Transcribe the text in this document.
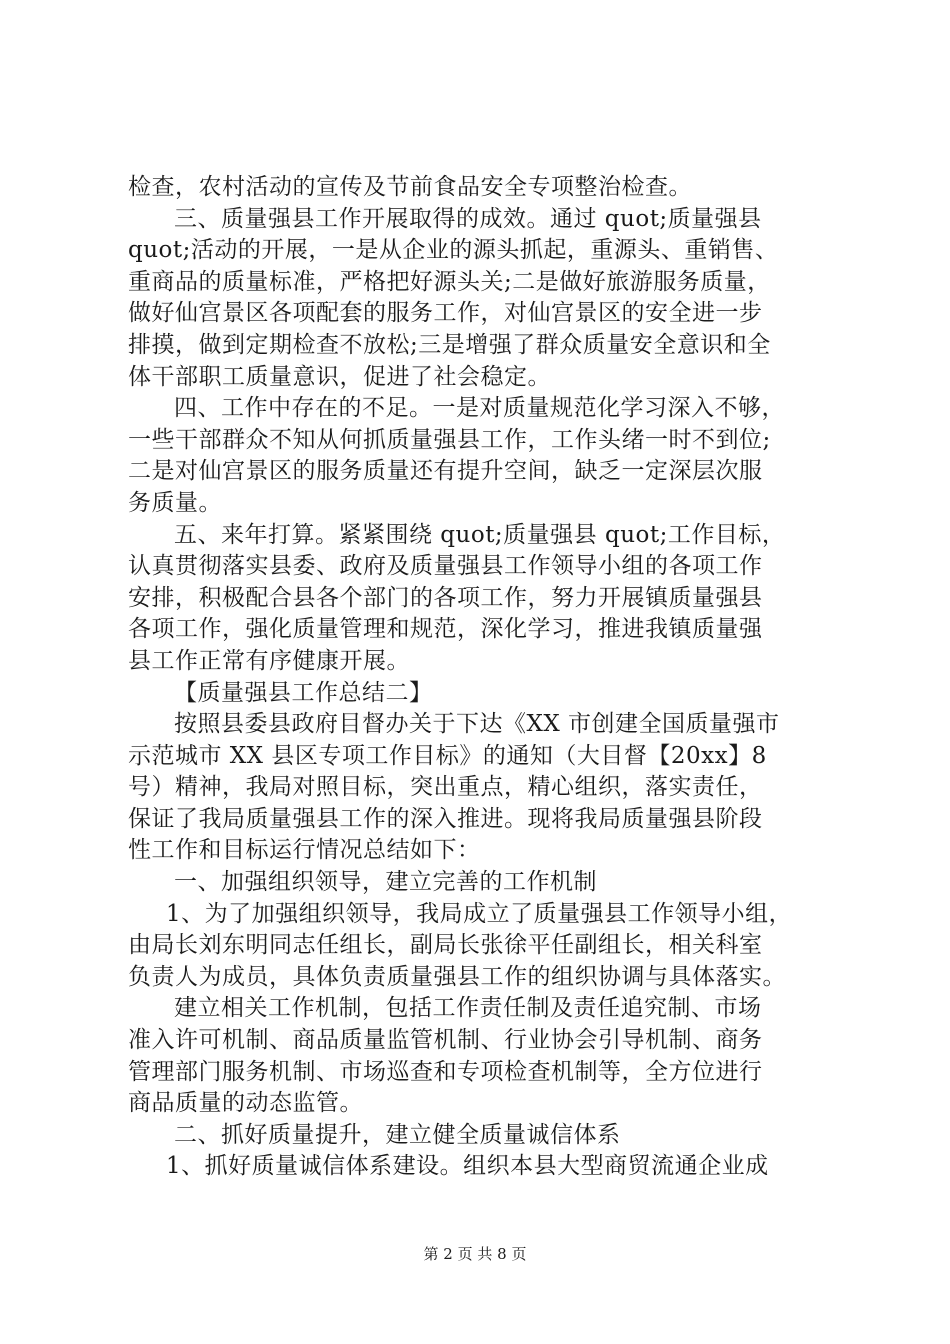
检查，农村活动的宣传及节前食品安全专项整治检查。
三、质量强县工作开展取得的成效。通过 quot;质量强县
quot;活动的开展，一是从企业的源头抓起，重源头、重销售、
重商品的质量标准，严格把好源头关;二是做好旅游服务质量，
做好仙宫景区各项配套的服务工作，对仙宫景区的安全进一步
排摸，做到定期检查不放松;三是增强了群众质量安全意识和全
体干部职工质量意识，促进了社会稳定。
四、工作中存在的不足。一是对质量规范化学习深入不够，
一些干部群众不知从何抓质量强县工作，工作头绪一时不到位;
二是对仙宫景区的服务质量还有提升空间，缺乏一定深层次服
务质量。
五、来年打算。紧紧围绕 quot;质量强县 quot;工作目标，
认真贯彻落实县委、政府及质量强县工作领导小组的各项工作
安排，积极配合县各个部门的各项工作，努力开展镇质量强县
各项工作，强化质量管理和规范，深化学习，推进我镇质量强
县工作正常有序健康开展。
【质量强县工作总结二】
按照县委县政府目督办关于下达《XX 市创建全国质量强市
示范城市 XX 县区专项工作目标》的通知（大目督【20xx】8
号）精神，我局对照目标，突出重点，精心组织，落实责任，
保证了我局质量强县工作的深入推进。现将我局质量强县阶段
性工作和目标运行情况总结如下：
一、加强组织领导，建立完善的工作机制
1、为了加强组织领导，我局成立了质量强县工作领导小组，
由局长刘东明同志任组长，副局长张徐平任副组长，相关科室
负责人为成员，具体负责质量强县工作的组织协调与具体落实。
建立相关工作机制，包括工作责任制及责任追究制、市场
准入许可机制、商品质量监管机制、行业协会引导机制、商务
管理部门服务机制、市场巡查和专项检查机制等，全方位进行
商品质量的动态监管。
二、抓好质量提升，建立健全质量诚信体系
1、抓好质量诚信体系建设。组织本县大型商贸流通企业成
第 2 页 共 8 页
